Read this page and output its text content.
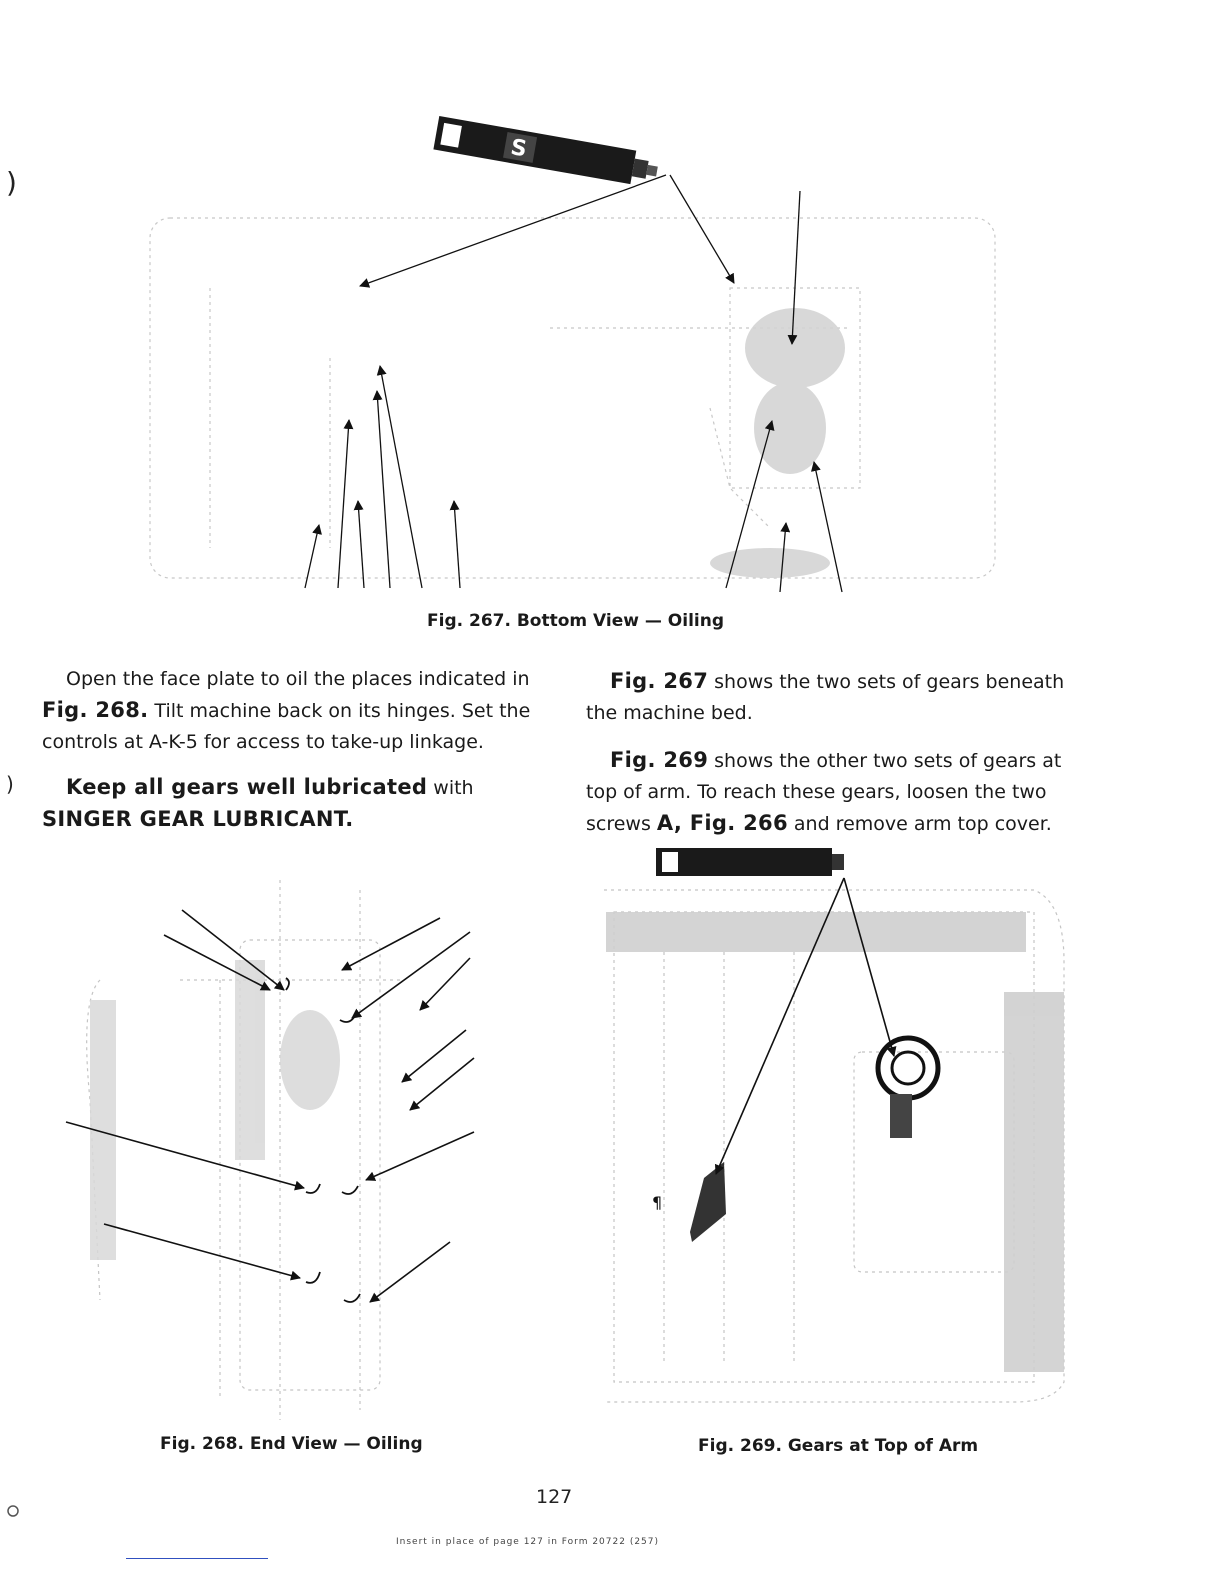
)
)
S
Fig. 267. Bottom View — Oiling
Open the face plate to oil the places indicated in Fig. 268. Tilt machine back on its hinges. Set the controls at A-K-5 for access to take-up linkage.
Keep all gears well lubricated with SINGER GEAR LUBRICANT.
Fig. 267 shows the two sets of gears beneath the machine bed.
Fig. 269 shows the other two sets of gears at top of arm. To reach these gears, loosen the two screws A, Fig. 266 and remove arm top cover.
Fig. 268. End View — Oiling
¶
Fig. 269. Gears at Top of Arm
127
Insert in place of page 127 in Form 20722 (257)
